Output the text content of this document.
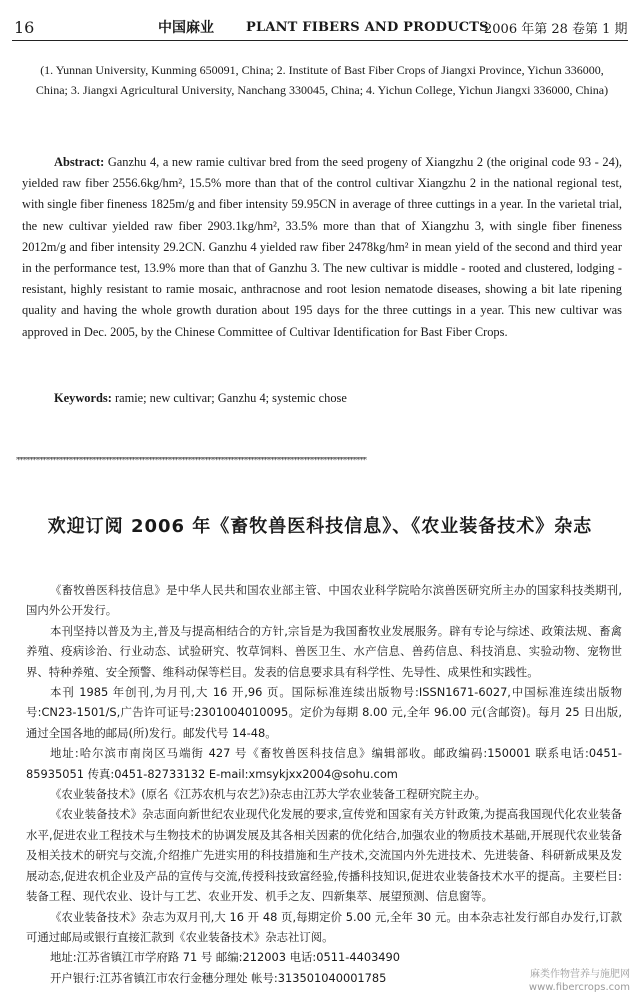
16	中国麻业 PLANT FIBERS AND PRODUCTS
2006 年第 28 卷第 1 期
(1. Yunnan University, Kunming 650091, China; 2. Institute of Bast Fiber Crops of Jiangxi Province, Yichun 336000, China; 3. Jiangxi Agricultural University, Nanchang 330045, China; 4. Yichun College, Yichun Jiangxi 336000, China)
Abstract: Ganzhu 4, a new ramie cultivar bred from the seed progeny of Xiangzhu 2 (the original code 93 - 24), yielded raw fiber 2556.6kg/hm², 15.5% more than that of the control cultivar Xiangzhu 2 in the national regional test, with single fiber fineness 1825m/g and fiber intensity 59.95CN in average of three cuttings in a year. In the varietal trial, the new cultivar yielded raw fiber 2903.1kg/hm², 33.5% more than that of Xiangzhu 3, with single fiber fineness 2012m/g and fiber intensity 29.2CN. Ganzhu 4 yielded raw fiber 2478kg/hm² in mean yield of the second and third year in the performance test, 13.9% more than that of Ganzhu 3. The new cultivar is middle - rooted and clustered, lodging - resistant, highly resistant to ramie mosaic, anthracnose and root lesion nematode diseases, showing a bit late ripening quality and having the whole growth duration about 195 days for the three cuttings in a year. This new cultivar was approved in Dec. 2005, by the Chinese Committee of Cultivar Identification for Bast Fiber Crops.
Keywords: ramie; new cultivar; Ganzhu 4; systemic chose
**********************************************************************************************************
欢迎订阅 2006 年《畜牧兽医科技信息》、《农业装备技术》杂志

《畜牧兽医科技信息》是中华人民共和国农业部主管、中国农业科学院哈尔滨兽医研究所主办的国家科技类期刊,国内外公开发行。

本刊坚持以普及为主,普及与提高相结合的方针,宗旨是为我国畜牧业发展服务。辟有专论与综述、政策法规、畜禽养殖、疫病诊治、行业动态、试验研究、牧草饲料、兽医卫生、水产信息、兽药信息、科技消息、实验动物、宠物世界、特种养殖、安全预警、维科动保等栏目。发表的信息要求具有科学性、先导性、成果性和实践性。

本刊 1985 年创刊,为月刊,大 16 开,96 页。国际标准连续出版物号:ISSN1671-6027,中国标准连续出版物号:CN23-1501/S,广告许可证号:2301004010095。定价为每期 8.00 元,全年 96.00 元(含邮资)。每月 25 日出版,通过全国各地的邮局(所)发行。邮发代号 14-48。

地址:哈尔滨市南岗区马端街 427 号《畜牧兽医科技信息》编辑部收。邮政编码:150001 联系电话:0451-85935051 传真:0451-82733132 E-mail:xmsykjxx2004@sohu.com

《农业装备技术》(原名《江苏农机与农艺》)杂志由江苏大学农业装备工程研究院主办。

《农业装备技术》杂志面向新世纪农业现代化发展的要求,宣传党和国家有关方针政策,为提高我国现代化农业装备水平,促进农业工程技术与生物技术的协调发展及其各相关因素的优化结合,加强农业的物质技术基础,开展现代农业装备及相关技术的研究与交流,介绍推广先进实用的科技措施和生产技术,交流国内外先进技术、先进装备、科研新成果及发展动态,促进农机企业及产品的宣传与交流,传授科技致富经验,传播科技知识,促进农业装备技术水平的提高。主要栏目:装备工程、现代农业、设计与工艺、农业开发、机手之友、四新集萃、展望预测、信息窗等。

《农业装备技术》杂志为双月刊,大 16 开 48 页,每期定价 5.00 元,全年 30 元。由本杂志社发行部自办发行,订款可通过邮局或银行直接汇款到《农业装备技术》杂志社订阅。

地址:江苏省镇江市学府路 71 号 邮编:212003 电话:0511-4403490

开户银行:江苏省镇江市农行金穗分理处 帐号:313501040001785	麻类作物营养与施肥网
www.fibercrops.com
